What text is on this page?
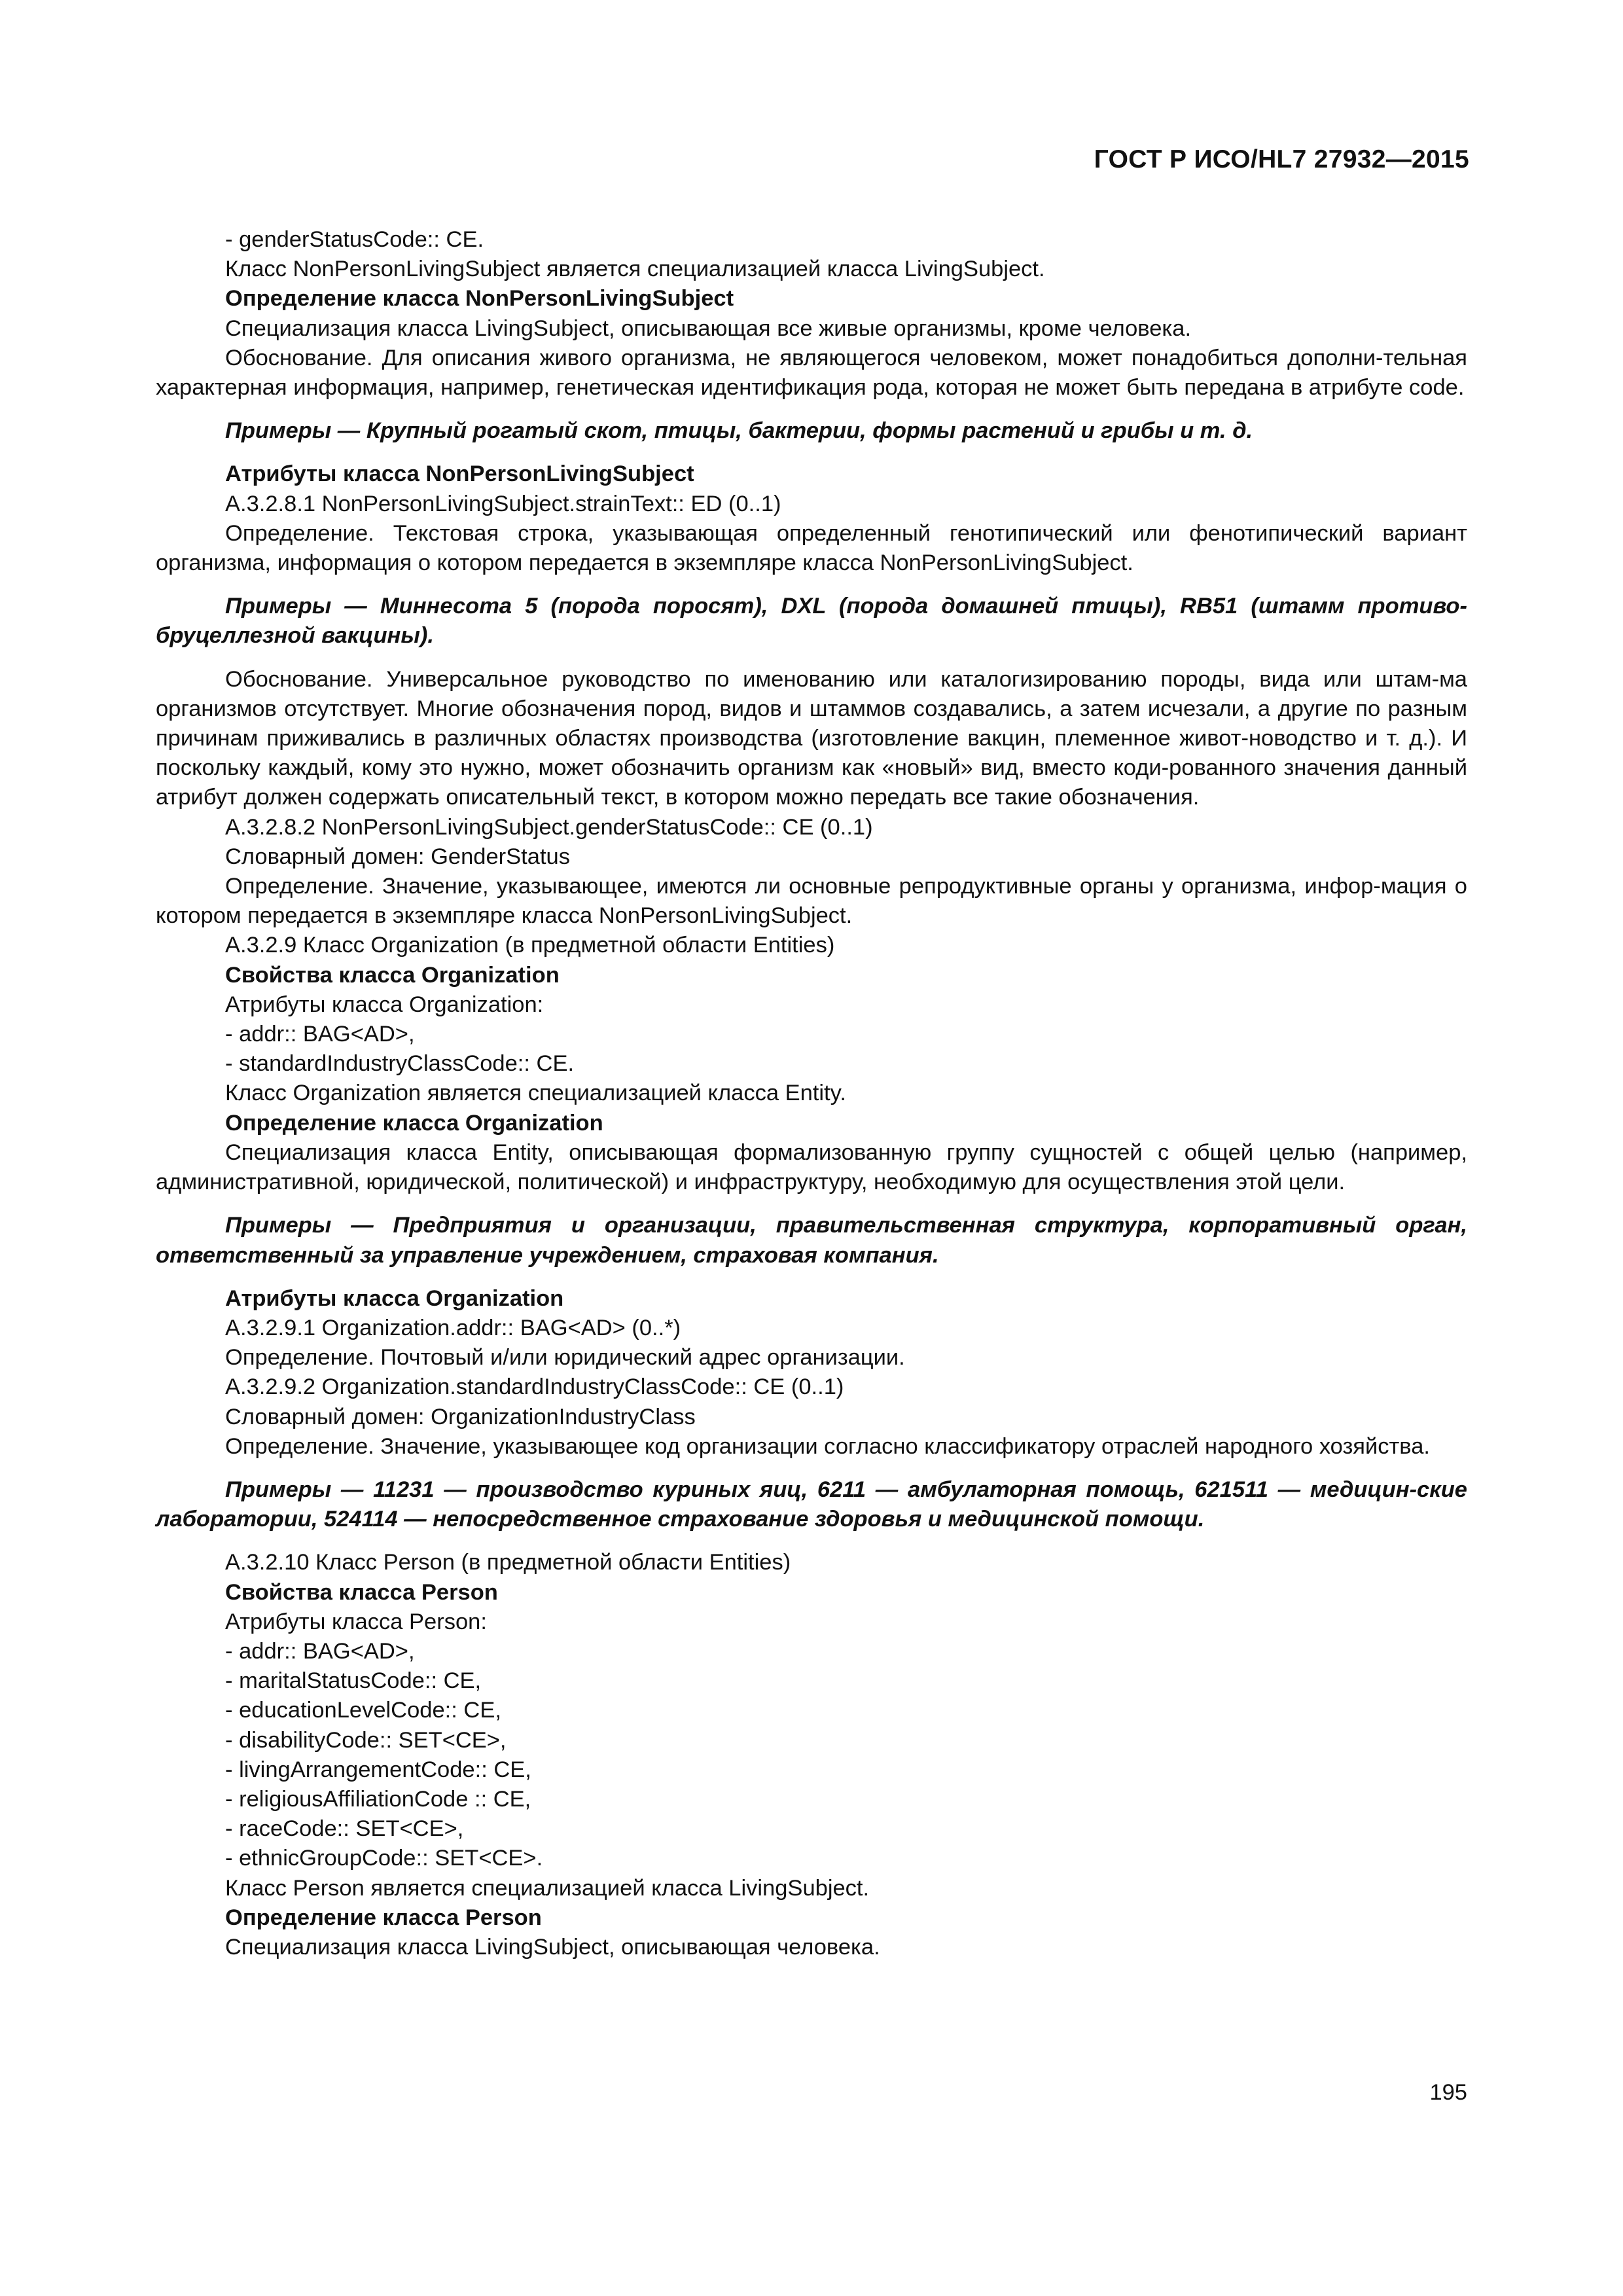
ГОСТ Р ИСО/HL7 27932—2015

- genderStatusCode:: CE.

Класс NonPersonLivingSubject является специализацией класса LivingSubject.

Определение класса NonPersonLivingSubject

Специализация класса LivingSubject, описывающая все живые организмы, кроме человека.

Обоснование. Для описания живого организма, не являющегося человеком, может понадобиться дополни-тельная характерная информация, например, генетическая идентификация рода, которая не может быть передана в атрибуте code.

Примеры — Крупный рогатый скот, птицы, бактерии, формы растений и грибы и т. д.

Атрибуты класса NonPersonLivingSubject

A.3.2.8.1 NonPersonLivingSubject.strainText:: ED (0..1)

Определение. Текстовая строка, указывающая определенный генотипический или фенотипический вариант организма, информация о котором передается в экземпляре класса NonPersonLivingSubject.

Примеры — Миннесота 5 (порода поросят), DXL (порода домашней птицы), RB51 (штамм противо-бруцеллезной вакцины).

Обоснование. Универсальное руководство по именованию или каталогизированию породы, вида или штам-ма организмов отсутствует. Многие обозначения пород, видов и штаммов создавались, а затем исчезали, а другие по разным причинам приживались в различных областях производства (изготовление вакцин, племенное живот-новодство и т. д.). И поскольку каждый, кому это нужно, может обозначить организм как «новый» вид, вместо коди-рованного значения данный атрибут должен содержать описательный текст, в котором можно передать все такие обозначения.

A.3.2.8.2 NonPersonLivingSubject.genderStatusCode:: CE (0..1)

Словарный домен: GenderStatus

Определение. Значение, указывающее, имеются ли основные репродуктивные органы у организма, инфор-мация о котором передается в экземпляре класса NonPersonLivingSubject.

A.3.2.9 Класс Organization (в предметной области Entities)

Свойства класса Organization

Атрибуты класса Organization:

- addr:: BAG<AD>,

- standardIndustryClassCode:: CE.

Класс Organization является специализацией класса Entity.

Определение класса Organization

Специализация класса Entity, описывающая формализованную группу сущностей с общей целью (например, административной, юридической, политической) и инфраструктуру, необходимую для осуществления этой цели.

Примеры — Предприятия и организации, правительственная структура, корпоративный орган, ответственный за управление учреждением, страховая компания.

Атрибуты класса Organization

A.3.2.9.1 Organization.addr:: BAG<AD> (0..*)

Определение. Почтовый и/или юридический адрес организации.

A.3.2.9.2 Organization.standardIndustryClassCode:: CE (0..1)

Словарный домен: OrganizationIndustryClass

Определение. Значение, указывающее код организации согласно классификатору отраслей народного хозяйства.

Примеры — 11231 — производство куриных яиц, 6211 — амбулаторная помощь, 621511 — медицин-ские лаборатории, 524114 — непосредственное страхование здоровья и медицинской помощи.

A.3.2.10 Класс Person (в предметной области Entities)

Свойства класса Person

Атрибуты класса Person:

- addr:: BAG<AD>,

- maritalStatusCode:: CE,

- educationLevelCode:: CE,

- disabilityCode:: SET<CE>,

- livingArrangementCode:: CE,

- religiousAffiliationCode :: CE,

- raceCode:: SET<CE>,

- ethnicGroupCode:: SET<CE>.

Класс Person является специализацией класса LivingSubject.

Определение класса Person

Специализация класса LivingSubject, описывающая человека.

195
